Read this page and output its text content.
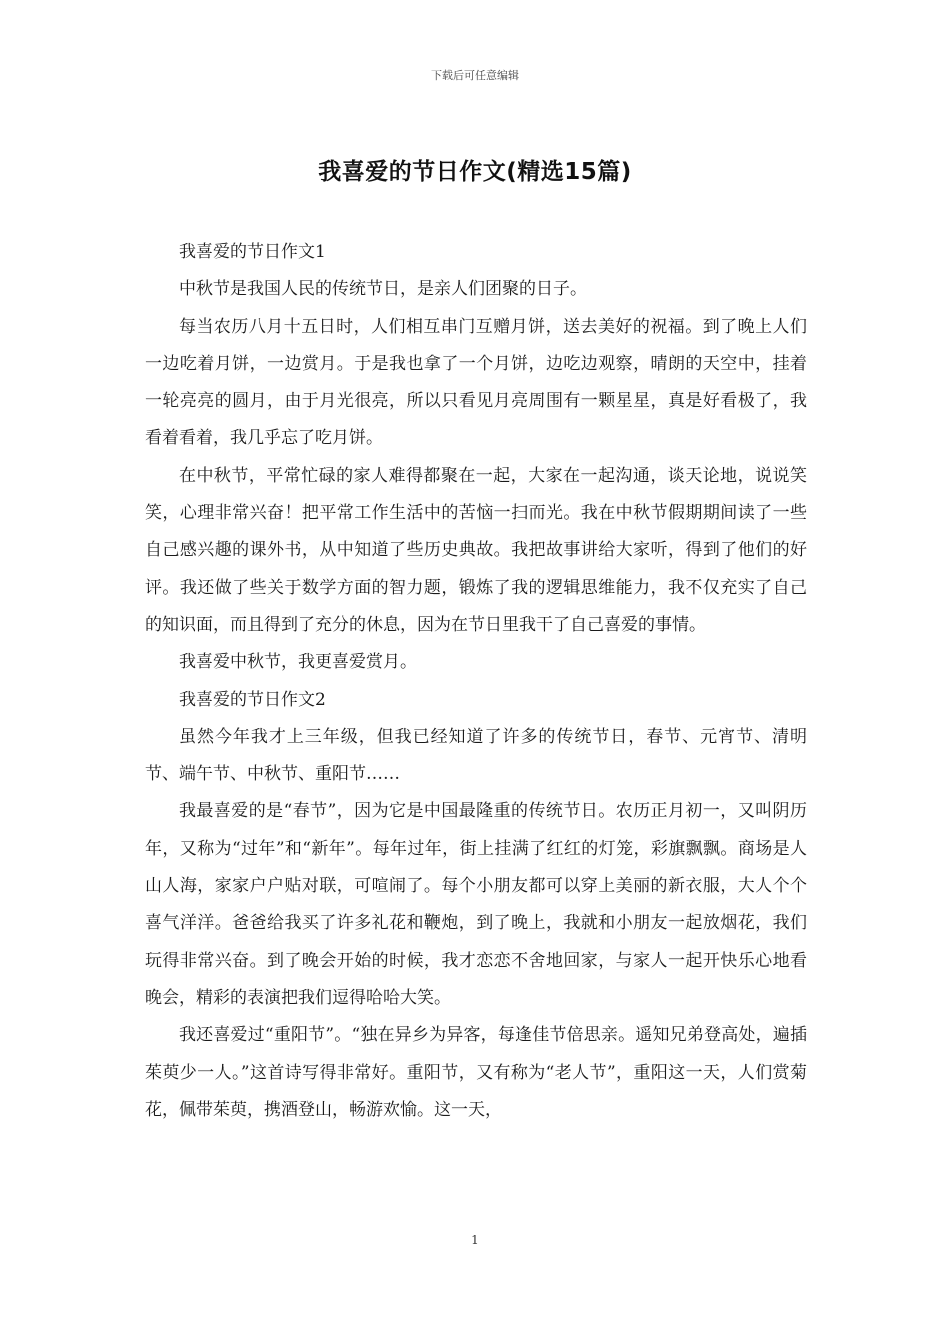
下载后可任意编辑
我喜爱的节日作文(精选15篇)

我喜爱的节日作文1

中秋节是我国人民的传统节日，是亲人们团聚的日子。

每当农历八月十五日时，人们相互串门互赠月饼，送去美好的祝福。到了晚上人们一边吃着月饼，一边赏月。于是我也拿了一个月饼，边吃边观察，晴朗的天空中，挂着一轮亮亮的圆月，由于月光很亮，所以只看见月亮周围有一颗星星，真是好看极了，我看着看着，我几乎忘了吃月饼。

在中秋节，平常忙碌的家人难得都聚在一起，大家在一起沟通，谈天论地，说说笑笑，心理非常兴奋！把平常工作生活中的苦恼一扫而光。我在中秋节假期期间读了一些自己感兴趣的课外书，从中知道了些历史典故。我把故事讲给大家听，得到了他们的好评。我还做了些关于数学方面的智力题，锻炼了我的逻辑思维能力，我不仅充实了自己的知识面，而且得到了充分的休息，因为在节日里我干了自己喜爱的事情。

我喜爱中秋节，我更喜爱赏月。

我喜爱的节日作文2

虽然今年我才上三年级，但我已经知道了许多的传统节日，春节、元宵节、清明节、端午节、中秋节、重阳节……

我最喜爱的是“春节”，因为它是中国最隆重的传统节日。农历正月初一，又叫阴历年，又称为“过年”和“新年”。每年过年，街上挂满了红红的灯笼，彩旗飘飘。商场是人山人海，家家户户贴对联，可喧闹了。每个小朋友都可以穿上美丽的新衣服，大人个个喜气洋洋。爸爸给我买了许多礼花和鞭炮，到了晚上，我就和小朋友一起放烟花，我们玩得非常兴奋。到了晚会开始的时候，我才恋恋不舍地回家，与家人一起开快乐心地看晚会，精彩的表演把我们逗得哈哈大笑。

我还喜爱过“重阳节”。“独在异乡为异客，每逢佳节倍思亲。遥知兄弟登高处，遍插茱萸少一人。”这首诗写得非常好。重阳节，又有称为“老人节”，重阳这一天，人们赏菊花，佩带茱萸，携酒登山，畅游欢愉。这一天，

1
